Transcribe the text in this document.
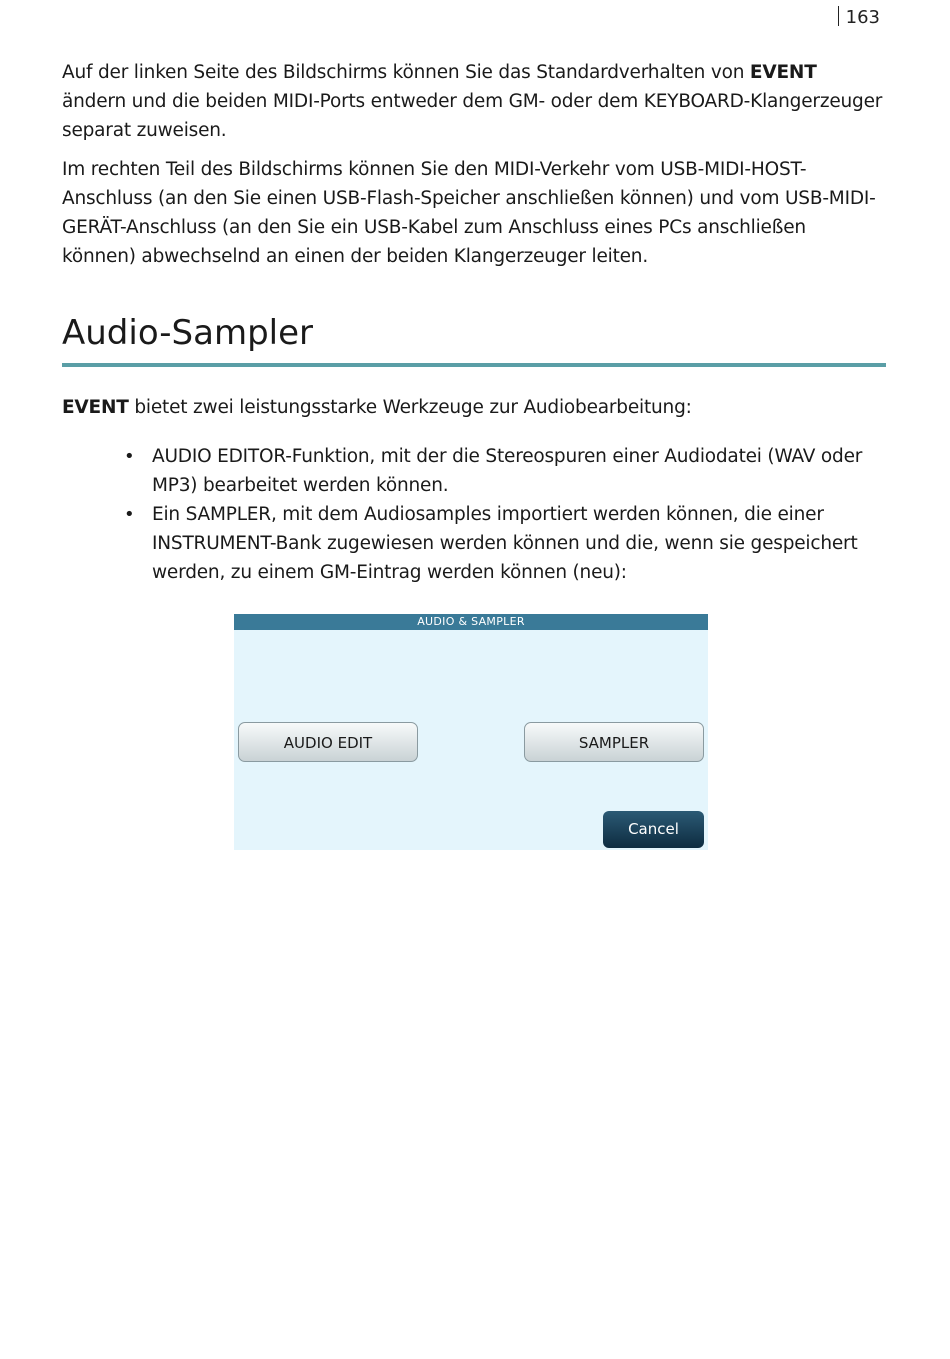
163

Auf der linken Seite des Bildschirms können Sie das Standardverhalten von EVENT ändern und die beiden MIDI-Ports entweder dem GM- oder dem KEYBOARD-Klangerzeuger separat zuweisen.

Im rechten Teil des Bildschirms können Sie den MIDI-Verkehr vom USB-MIDI-HOST-Anschluss (an den Sie einen USB-Flash-Speicher anschließen können) und vom USB-MIDI-GERÄT-Anschluss (an den Sie ein USB-Kabel zum Anschluss eines PCs anschließen können) abwechselnd an einen der beiden Klangerzeuger leiten.

Audio-Sampler

EVENT bietet zwei leistungsstarke Werkzeuge zur Audiobearbeitung:

• AUDIO EDITOR-Funktion, mit der die Stereospuren einer Audiodatei (WAV oder MP3) bearbeitet werden können.
• Ein SAMPLER, mit dem Audiosamples importiert werden können, die einer INSTRUMENT-Bank zugewiesen werden können und die, wenn sie gespeichert werden, zu einem GM-Eintrag werden können (neu):
AUDIO & SAMPLER
AUDIO EDIT	SAMPLER
Cancel
